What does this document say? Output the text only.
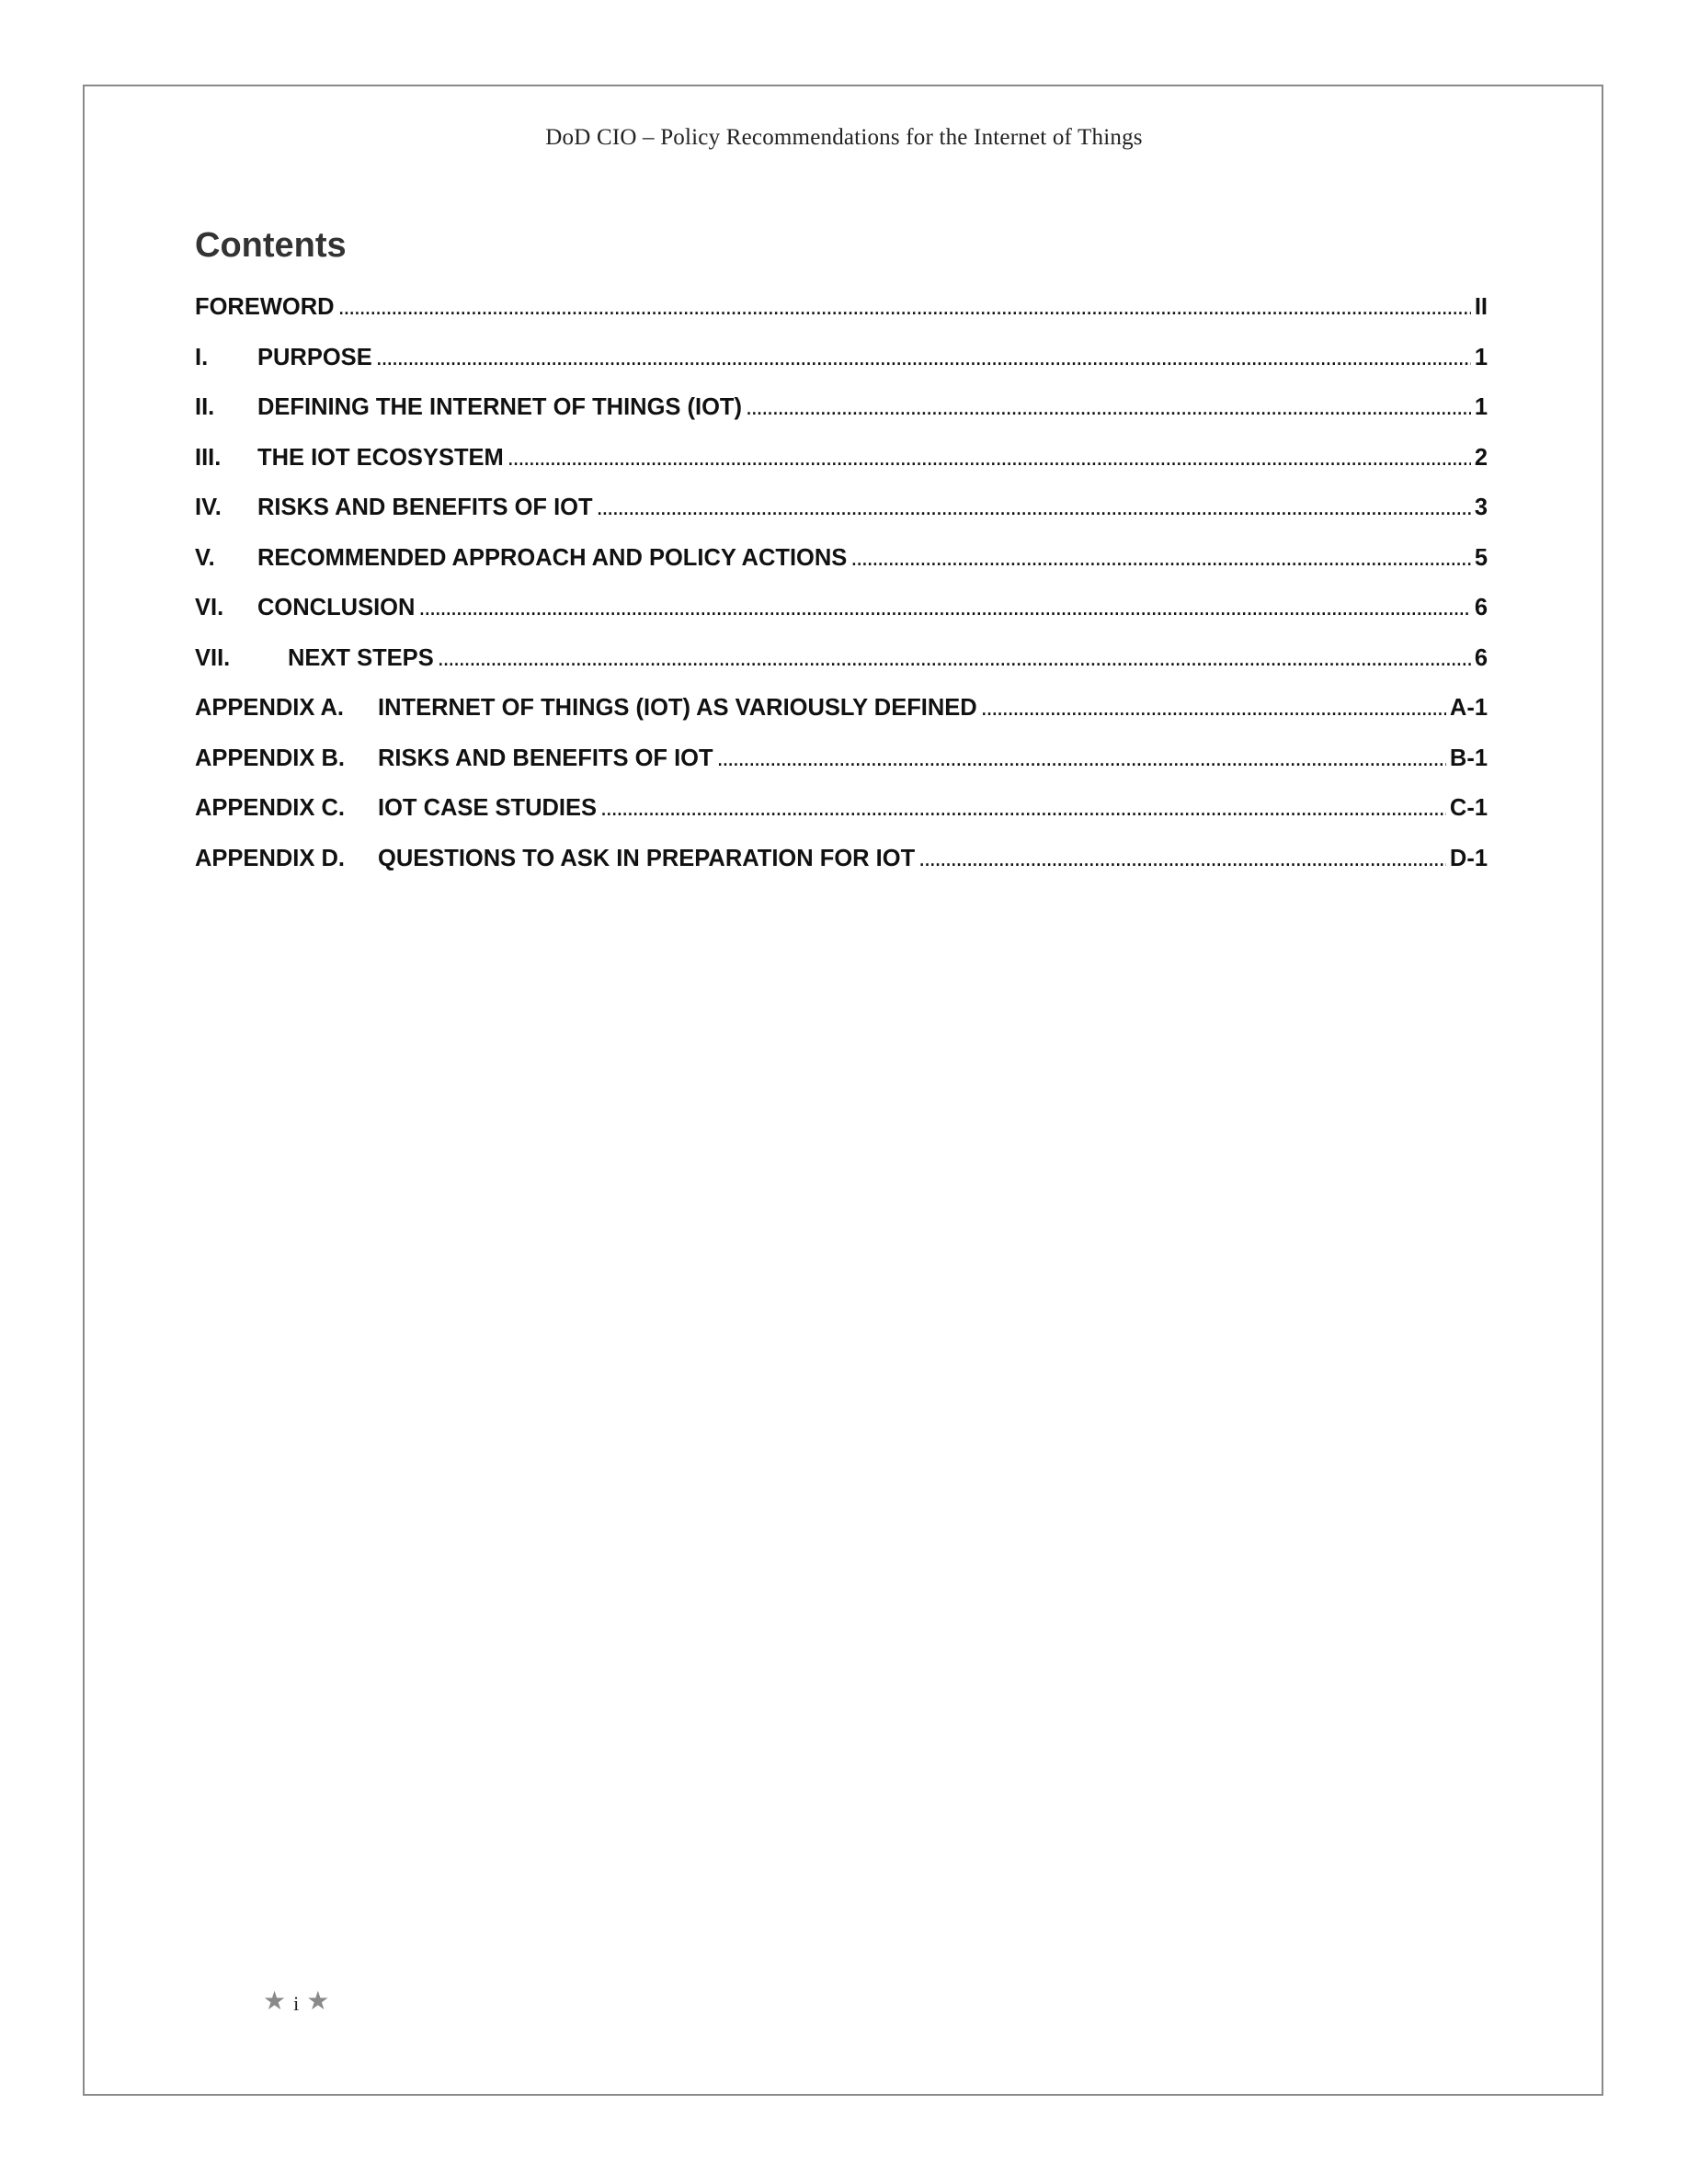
DoD CIO – Policy Recommendations for the Internet of Things
Contents
FOREWORD . . .	II
I.	PURPOSE . . .	1
II.	DEFINING THE INTERNET OF THINGS (IOT) . . .	1
III.	THE IOT ECOSYSTEM . . .	2
IV.	RISKS AND BENEFITS OF IOT . . .	3
V.	RECOMMENDED APPROACH AND POLICY ACTIONS . . .	5
VI.	CONCLUSION . . .	6
VII.	NEXT STEPS . . .	6
APPENDIX A.	INTERNET OF THINGS (IOT) AS VARIOUSLY DEFINED . . .	A-1
APPENDIX B.	RISKS AND BENEFITS OF IOT . . .	B-1
APPENDIX C.	IOT CASE STUDIES . . .	C-1
APPENDIX D.	QUESTIONS TO ASK IN PREPARATION FOR IOT . . .	D-1
★ i ★
